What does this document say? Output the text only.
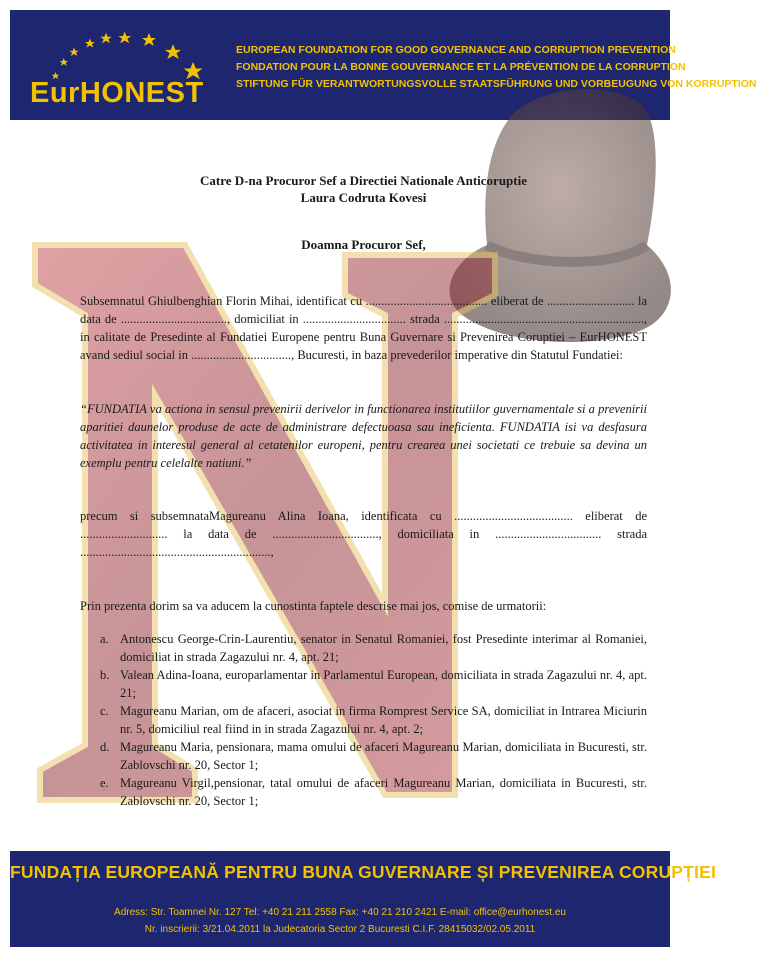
EurHONEST
EUROPEAN FOUNDATION FOR GOOD GOVERNANCE AND CORRUPTION PREVENTION
FONDATION POUR LA BONNE GOUVERNANCE ET LA PRÉVENTION DE LA CORRUPTION
STIFTUNG FÜR VERANTWORTUNGSVOLLE STAATSFÜHRUNG UND VORBEUGUNG VON KORRUPTION
Catre D-na Procuror Sef a Directiei Nationale Anticoruptie
Laura Codruta Kovesi
Doamna Procuror Sef,
Subsemnatul Ghiulbenghian Florin Mihai, identificat cu ....................................... eliberat de ............................ la data de .................................., domiciliat in ................................. strada ................................................................, in calitate de Presedinte al Fundatiei Europene pentru Buna Guvernare si Prevenirea Coruptiei – EurHONEST avand sediul social in ................................, Bucuresti, in baza prevederilor imperative din Statutul Fundatiei:
“FUNDATIA va actiona in sensul prevenirii derivelor in functionarea institutiilor guvernamentale si a prevenirii aparitiei daunelor produse de acte de administrare defectuoasa sau ineficienta. FUNDATIA isi va desfasura activitatea in interesul general al cetatenilor europeni, pentru crearea unei societati ce trebuie sa devina un exemplu pentru celelalte natiuni.”
precum si subsemnataMagureanu Alina Ioana, identificata cu ...................................... eliberat de ............................ la data de .................................., domiciliata in .................................. strada .............................................................,
Prin prezenta dorim sa va aducem la cunostinta faptele descrise mai jos, comise de urmatorii:
a. Antonescu George-Crin-Laurentiu, senator in Senatul Romaniei, fost Presedinte interimar al Romaniei, domiciliat in strada Zagazului nr. 4, apt. 21;
b. Valean Adina-Ioana, europarlamentar in Parlamentul European, domiciliata in strada Zagazului nr. 4, apt. 21;
c. Magureanu Marian, om de afaceri, asociat in firma Romprest Service SA, domiciliat in Intrarea Miciurin nr. 5, domiciliul real fiind in in strada Zagazului nr. 4, apt. 2;
d. Magureanu Maria, pensionara, mama omului de afaceri Magureanu Marian, domiciliata in Bucuresti, str. Zablovschi nr. 20, Sector 1;
e. Magureanu Virgil,pensionar, tatal omului de afaceri Magureanu Marian, domiciliata in Bucuresti, str. Zablovschi nr. 20, Sector 1;
FUNDAȚIA EUROPEANĂ PENTRU BUNA GUVERNARE ȘI PREVENIREA CORUPȚIEI
Adress: Str. Toamnei Nr. 127 Tel: +40 21 211 2558 Fax: +40 21 210 2421 E-mail: office@eurhonest.eu
Nr. inscrierii: 3/21.04.2011 la Judecatoria Sector 2 Bucuresti C.I.F. 28415032/02.05.2011
